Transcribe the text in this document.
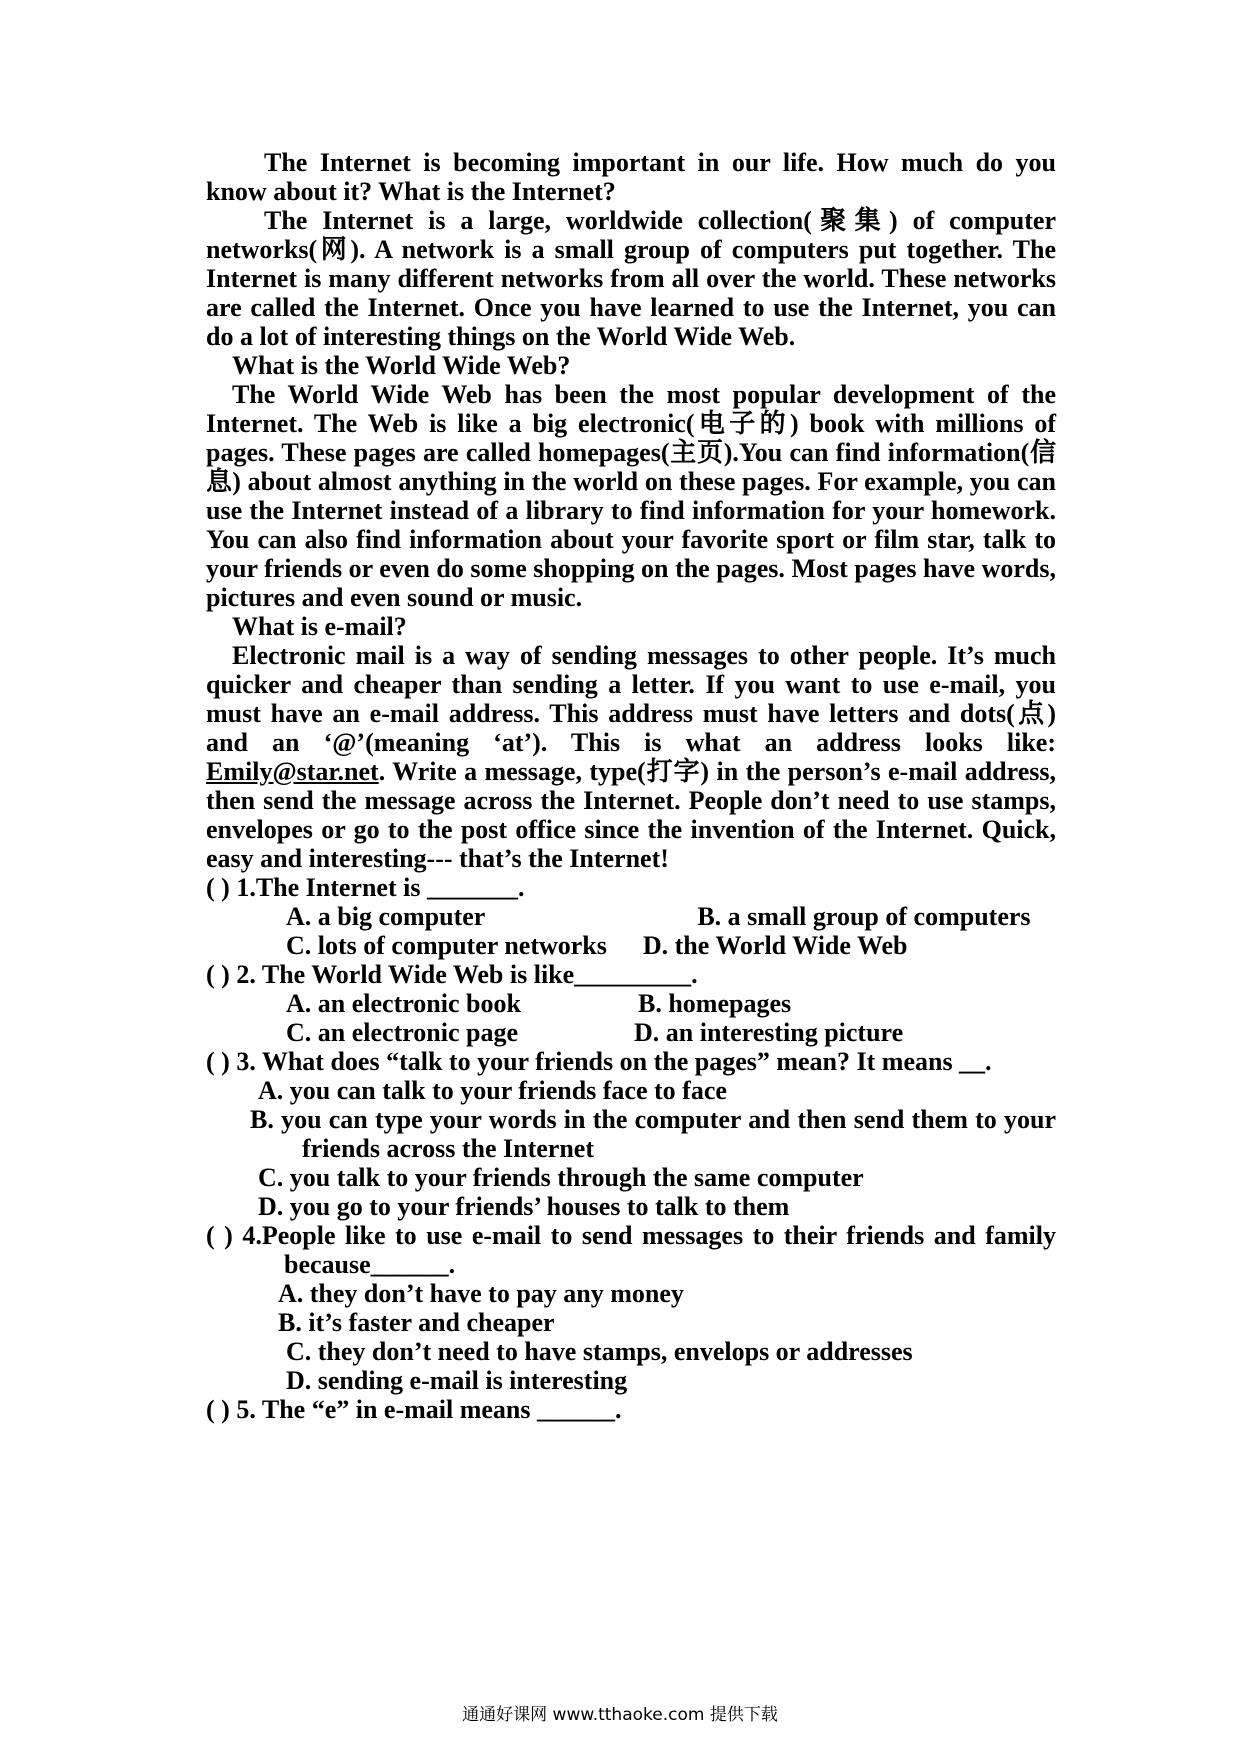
The Internet is becoming important in our life. How much do you know about it? What is the Internet?

The Internet is a large, worldwide collection(聚集) of computer networks(网). A network is a small group of computers put together. The Internet is many different networks from all over the world. These networks are called the Internet. Once you have learned to use the Internet, you can do a lot of interesting things on the World Wide Web.

What is the World Wide Web?

The World Wide Web has been the most popular development of the Internet. The Web is like a big electronic(电子的) book with millions of pages. These pages are called homepages(主页).You can find information(信息) about almost anything in the world on these pages. For example, you can use the Internet instead of a library to find information for your homework. You can also find information about your favorite sport or film star, talk to your friends or even do some shopping on the pages. Most pages have words, pictures and even sound or music.

What is e-mail?

Electronic mail is a way of sending messages to other people. It’s much quicker and cheaper than sending a letter. If you want to use e-mail, you must have an e-mail address. This address must have letters and dots(点) and an ‘@’(meaning ‘at’). This is what an address looks like: Emily@star.net. Write a message, type(打字) in the person’s e-mail address, then send the message across the Internet. People don’t need to use stamps, envelopes or go to the post office since the invention of the Internet. Quick, easy and interesting--- that’s the Internet!

( ) 1.The Internet is _______.

A. a big computer	B. a small group of computers

C. lots of computer networks D. the World Wide Web

( ) 2. The World Wide Web is like_________.

A. an electronic book	B. homepages
C. an electronic page	D. an interesting picture

( ) 3. What does “talk to your friends on the pages” mean? It means __.

A. you can talk to your friends face to face

B. you can type your words in the computer and then send them to your friends across the Internet

C. you talk to your friends through the same computer

D. you go to your friends’ houses to talk to them

( ) 4.People like to use e-mail to send messages to their friends and family because______.

A. they don’t have to pay any money

B. it’s faster and cheaper

C. they don’t need to have stamps, envelops or addresses

D. sending e-mail is interesting

( ) 5. The “e” in e-mail means ______.

通通好课网 www.tthaoke.com 提供下载
